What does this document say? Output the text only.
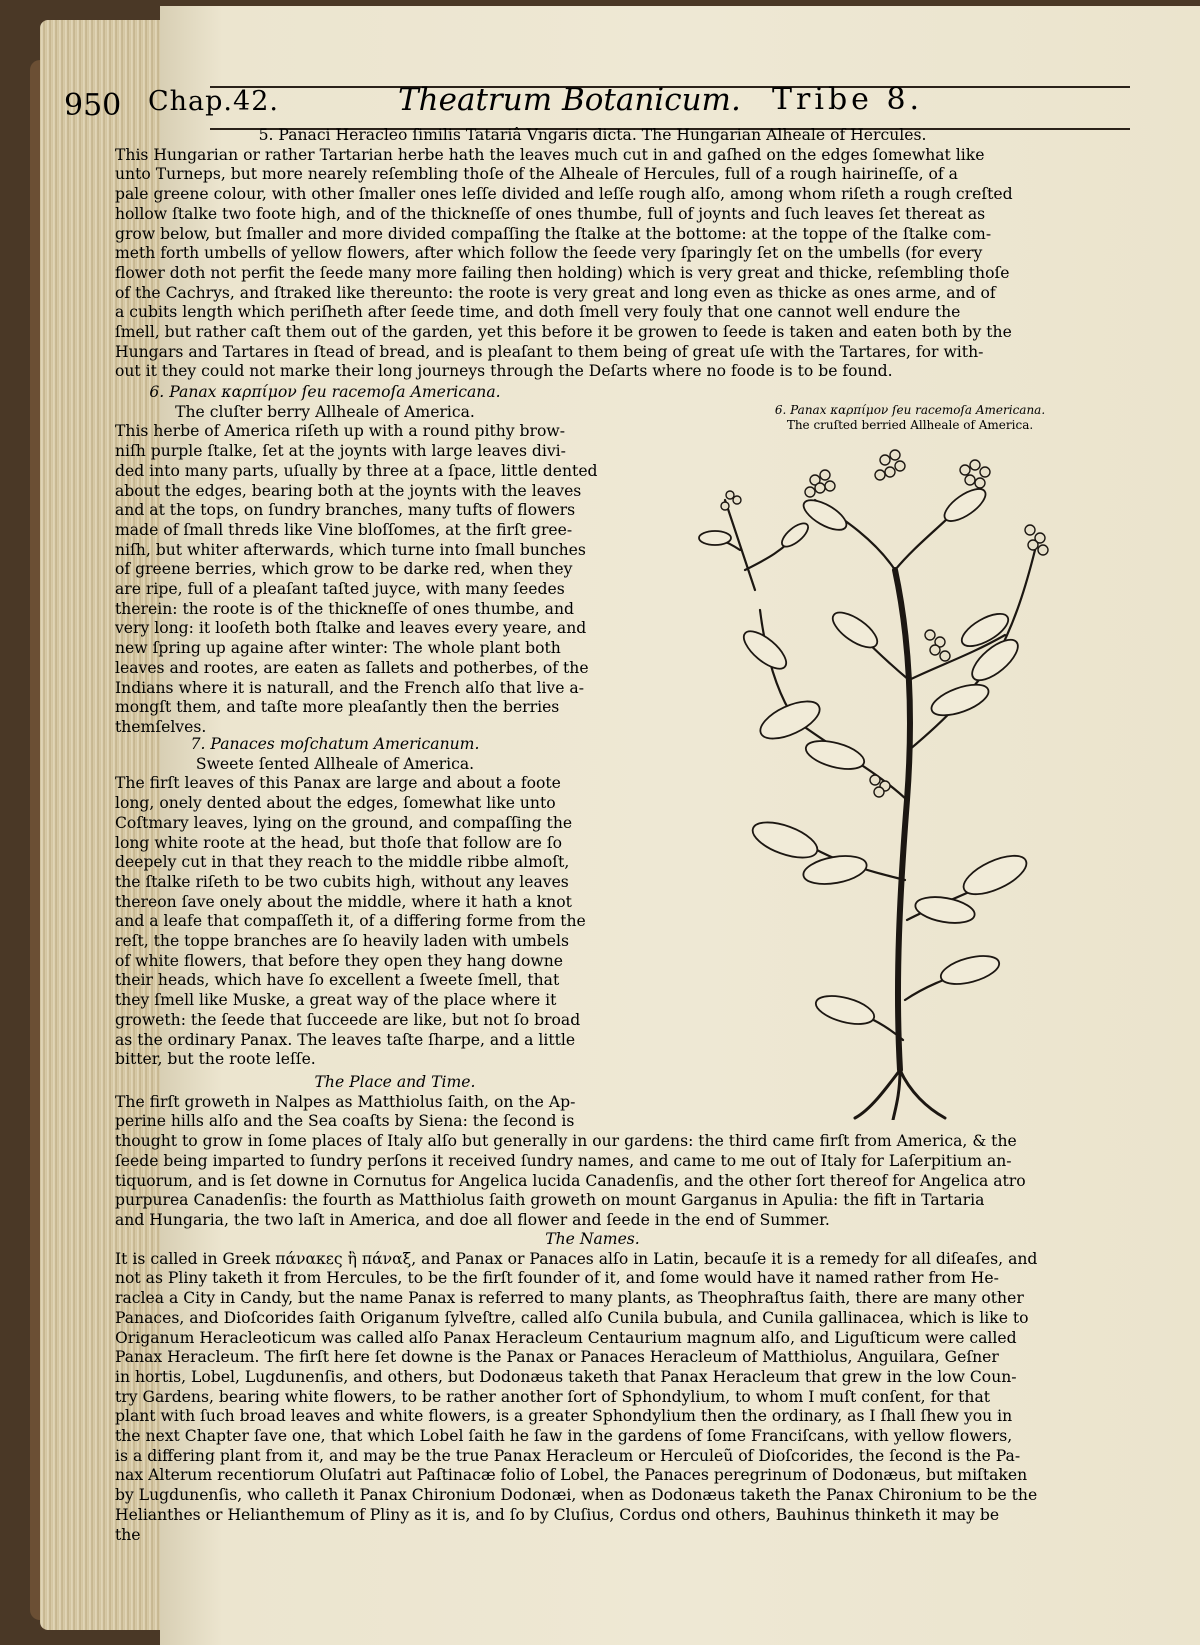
950 Chap.42.	Theatrum Botanicum. Tribe 8.

5. Panaci Heracleo ſimilis Tatariâ Vngaris dicta. The Hungarian Alheale of Hercules.

This Hungarian or rather Tartarian herbe hath the leaves much cut in and gaſhed on the edges ſomewhat like
unto Turneps, but more nearely reſembling thoſe of the Alheale of Hercules, full of a rough hairineſſe, of a
pale greene colour, with other ſmaller ones leſſe divided and leſſe rough alſo, among whom riſeth a rough creſted
hollow ſtalke two foote high, and of the thickneſſe of ones thumbe, full of joynts and ſuch leaves ſet thereat as
grow below, but ſmaller and more divided compaſſing the ſtalke at the bottome: at the toppe of the ſtalke com-
meth forth umbells of yellow flowers, after which follow the ſeede very ſparingly ſet on the umbells (for every
flower doth not perfit the ſeede many more failing then holding) which is very great and thicke, reſembling thoſe
of the Cachrys, and ſtraked like thereunto: the roote is very great and long even as thicke as ones arme, and of
a cubits length which periſheth after ſeede time, and doth ſmell very fouly that one cannot well endure the
ſmell, but rather caſt them out of the garden, yet this before it be growen to ſeede is taken and eaten both by the
Hungars and Tartares in ſtead of bread, and is pleaſant to them being of great uſe with the Tartares, for with-
out it they could not marke their long journeys through the Deſarts where no foode is to be found.

6. Panax καρπίμον ſeu racemoſa Americana.

The cluſter berry Allheale of America.

This herbe of America riſeth up with a round pithy brow-
niſh purple ſtalke, ſet at the joynts with large leaves divi-
ded into many parts, uſually by three at a ſpace, little dented
about the edges, bearing both at the joynts with the leaves
and at the tops, on ſundry branches, many tufts of flowers
made of ſmall threds like Vine bloſſomes, at the firſt gree-
niſh, but whiter afterwards, which turne into ſmall bunches
of greene berries, which grow to be darke red, when they
are ripe, full of a pleaſant taſted juyce, with many ſeedes
therein: the roote is of the thickneſſe of ones thumbe, and
very long: it looſeth both ſtalke and leaves every yeare, and
new ſpring up againe after winter: The whole plant both
leaves and rootes, are eaten as ſallets and potherbes, of the
Indians where it is naturall, and the French alſo that live a-
mongſt them, and taſte more pleaſantly then the berries
themſelves.

7. Panaces moſchatum Americanum.

Sweete ſented Allheale of America.

The firſt leaves of this Panax are large and about a foote
long, onely dented about the edges, ſomewhat like unto
Coſtmary leaves, lying on the ground, and compaſſing the
long white roote at the head, but thoſe that follow are ſo
deepely cut in that they reach to the middle ribbe almoſt,
the ſtalke riſeth to be two cubits high, without any leaves
thereon ſave onely about the middle, where it hath a knot
and a leafe that compaſſeth it, of a differing forme from the
reſt, the toppe branches are ſo heavily laden with umbels
of white flowers, that before they open they hang downe
their heads, which have ſo excellent a ſweete ſmell, that
they ſmell like Muske, a great way of the place where it
groweth: the ſeede that ſucceede are like, but not ſo broad
as the ordinary Panax. The leaves taſte ſharpe, and a little
bitter, but the roote leſſe.

The Place and Time.

The firſt groweth in Nalpes as Matthiolus ſaith, on the Ap-
perine hills alſo and the Sea coaſts by Siena: the ſecond is
thought to grow in ſome places of Italy alſo but generally in our gardens: the third came firſt from America, & the
ſeede being imparted to ſundry perſons it received ſundry names, and came to me out of Italy for Laſerpitium an-
tiquorum, and is ſet downe in Cornutus for Angelica lucida Canadenſis, and the other ſort thereof for Angelica atro
purpurea Canadenſis: the fourth as Matthiolus ſaith groweth on mount Garganus in Apulia: the fift in Tartaria
and Hungaria, the two laſt in America, and doe all flower and ſeede in the end of Summer.

The Names.

It is called in Greek πάνακες ἢ πάναξ, and Panax or Panaces alſo in Latin, becauſe it is a remedy for all diſeaſes, and
not as Pliny taketh it from Hercules, to be the firſt founder of it, and ſome would have it named rather from He-
raclea a City in Candy, but the name Panax is referred to many plants, as Theophraſtus ſaith, there are many other
Panaces, and Dioſcorides ſaith Origanum ſylveſtre, called alſo Cunila bubula, and Cunila gallinacea, which is like to
Origanum Heracleoticum was called alſo Panax Heracleum Centaurium magnum alſo, and Liguſticum were called
Panax Heracleum. The firſt here ſet downe is the Panax or Panaces Heracleum of Matthiolus, Anguilara, Geſner
in hortis, Lobel, Lugdunenſis, and others, but Dodonæus taketh that Panax Heracleum that grew in the low Coun-
try Gardens, bearing white flowers, to be rather another ſort of Sphondylium, to whom I muſt conſent, for that
plant with ſuch broad leaves and white flowers, is a greater Sphondylium then the ordinary, as I ſhall ſhew you in
the next Chapter ſave one, that which Lobel ſaith he ſaw in the gardens of ſome Franciſcans, with yellow flowers,
is a differing plant from it, and may be the true Panax Heracleum or Herculeũ of Dioſcorides, the ſecond is the Pa-
nax Alterum recentiorum Oluſatri aut Paſtinacæ folio of Lobel, the Panaces peregrinum of Dodonæus, but miſtaken
by Lugdunenſis, who calleth it Panax Chironium Dodonæi, when as Dodonæus taketh the Panax Chironium to be the
Helianthes or Helianthemum of Pliny as it is, and ſo by Cluſius, Cordus ond others, Bauhinus thinketh it may be
the
6. Panax καρπίμον ſeu racemoſa Americana.
The cruſted berried Allheale of America.
